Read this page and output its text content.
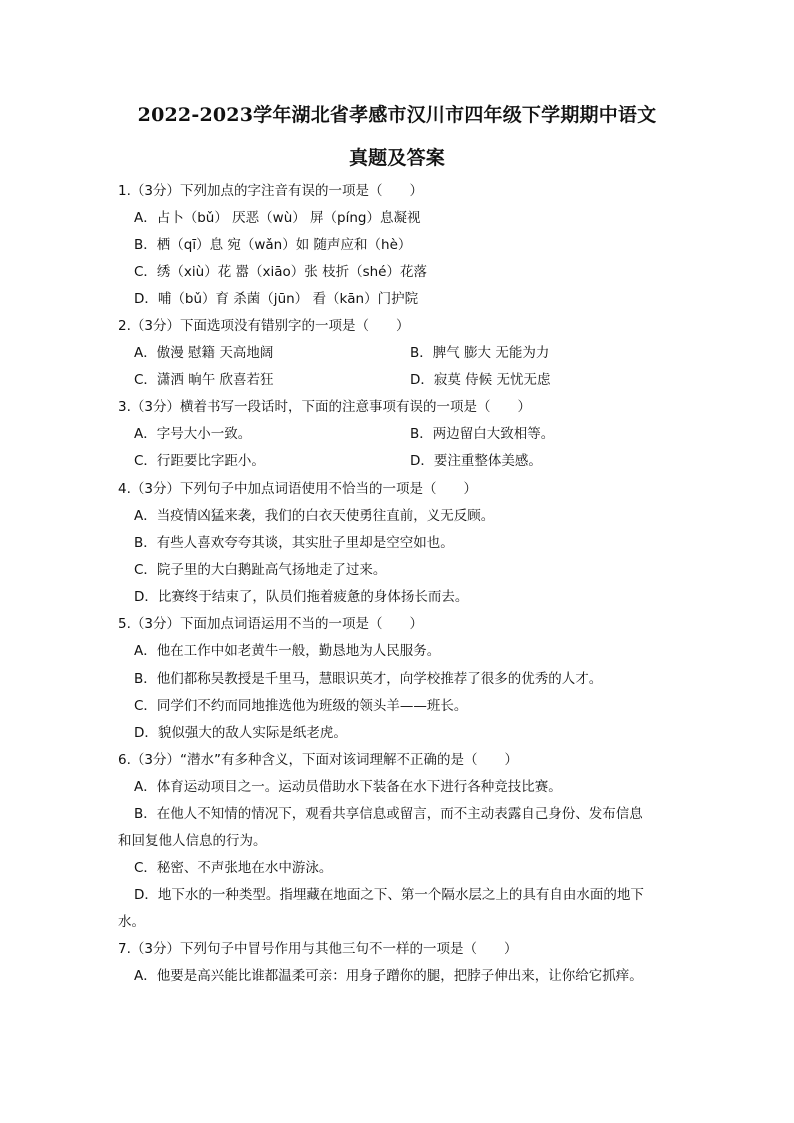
2022-2023学年湖北省孝感市汉川市四年级下学期期中语文
真题及答案
1.（3分）下列加点的字注音有误的一项是（　　）
A．占卜（bǔ） 厌恶（wù） 屏（píng）息凝视
B．栖（qī）息 宛（wǎn）如 随声应和（hè）
C．绣（xiù）花 嚣（xiāo）张 枝折（shé）花落
D．哺（bǔ）育 杀菌（jūn） 看（kān）门护院
2.（3分）下面选项没有错别字的一项是（　　）
A．傲漫 慰籍 天高地阔	B．脾气 膨大 无能为力
C．潇洒 晌午 欣喜若狂	D．寂莫 侍候 无忧无虑
3.（3分）横着书写一段话时，下面的注意事项有误的一项是（　　）
A．字号大小一致。	B．两边留白大致相等。
C．行距要比字距小。	D．要注重整体美感。
4.（3分）下列句子中加点词语使用不恰当的一项是（　　）
A．当疫情凶猛来袭，我们的白衣天使勇往直前，义无反顾。
B．有些人喜欢夸夸其谈，其实肚子里却是空空如也。
C．院子里的大白鹅趾高气扬地走了过来。
D．比赛终于结束了，队员们拖着疲惫的身体扬长而去。
5.（3分）下面加点词语运用不当的一项是（　　）
A．他在工作中如老黄牛一般，勤恳地为人民服务。
B．他们都称吴教授是千里马，慧眼识英才，向学校推荐了很多的优秀的人才。
C．同学们不约而同地推选他为班级的领头羊——班长。
D．貌似强大的敌人实际是纸老虎。
6.（3分）“潜水”有多种含义，下面对该词理解不正确的是（　　）
A．体育运动项目之一。运动员借助水下装备在水下进行各种竞技比赛。
B．在他人不知情的情况下，观看共享信息或留言，而不主动表露自己身份、发布信息
和回复他人信息的行为。
C．秘密、不声张地在水中游泳。
D．地下水的一种类型。指埋藏在地面之下、第一个隔水层之上的具有自由水面的地下
水。
7.（3分）下列句子中冒号作用与其他三句不一样的一项是（　　）
A．他要是高兴能比谁都温柔可亲：用身子蹭你的腿，把脖子伸出来，让你给它抓痒。
